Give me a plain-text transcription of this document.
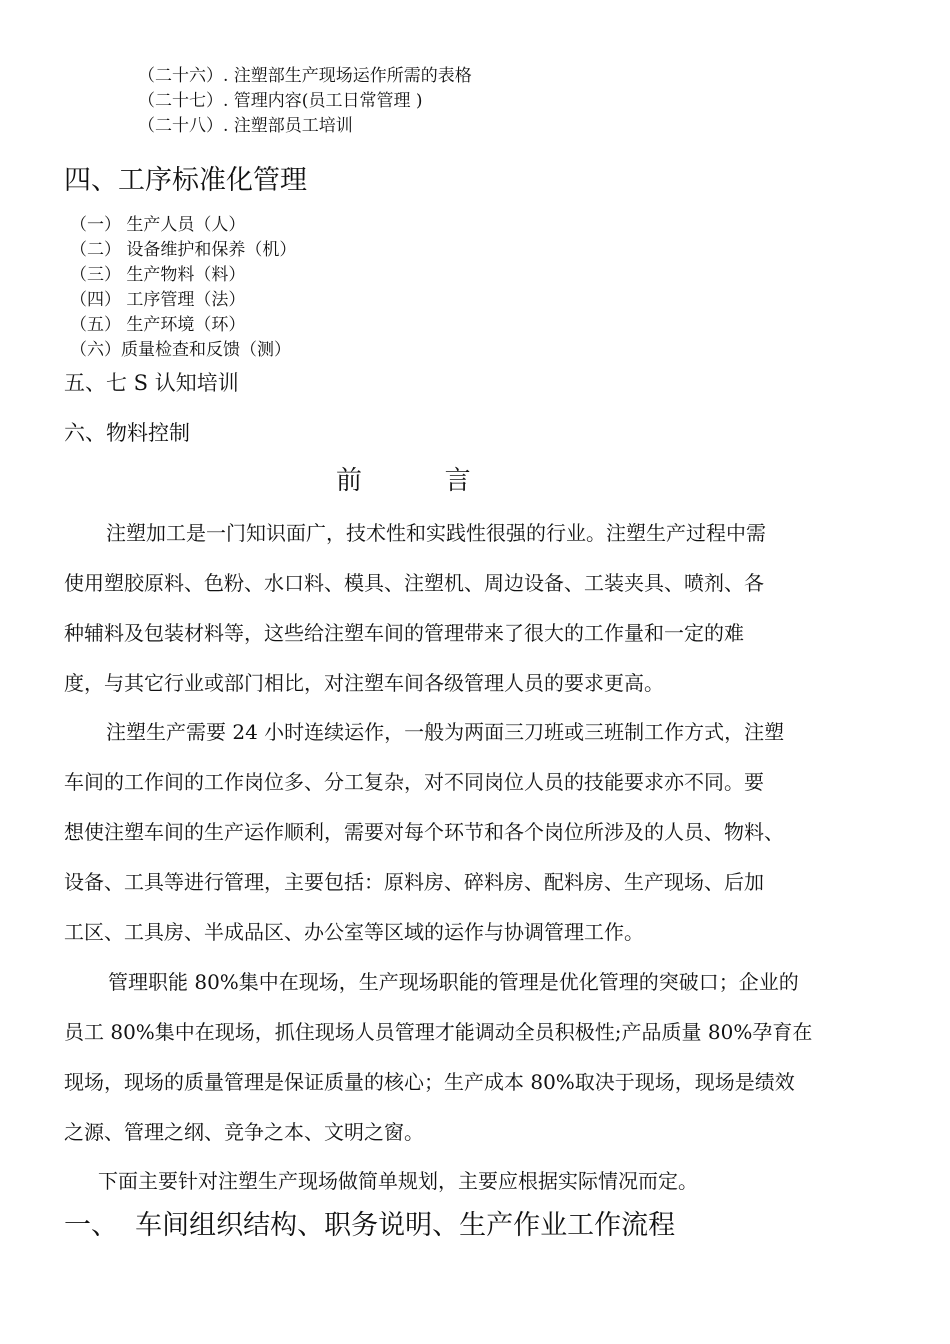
（二十六）. 注塑部生产现场运作所需的表格
（二十七）. 管理内容(员工日常管理 )
（二十八）. 注塑部员工培训
四、工序标准化管理
（一） 生产人员（人）
（二） 设备维护和保养（机）
（三） 生产物料（料）
（四） 工序管理（法）
（五） 生产环境（环）
（六）质量检查和反馈（测）
五、七 S 认知培训
六、物料控制
前          言
注塑加工是一门知识面广，技术性和实践性很强的行业。注塑生产过程中需
使用塑胶原料、色粉、水口料、模具、注塑机、周边设备、工装夹具、喷剂、各
种辅料及包装材料等，这些给注塑车间的管理带来了很大的工作量和一定的难
度，与其它行业或部门相比，对注塑车间各级管理人员的要求更高。
注塑生产需要 24 小时连续运作，一般为两面三刀班或三班制工作方式，注塑
车间的工作间的工作岗位多、分工复杂，对不同岗位人员的技能要求亦不同。要
想使注塑车间的生产运作顺利，需要对每个环节和各个岗位所涉及的人员、物料、
设备、工具等进行管理，主要包括：原料房、碎料房、配料房、生产现场、后加
工区、工具房、半成品区、办公室等区域的运作与协调管理工作。
管理职能 80%集中在现场，生产现场职能的管理是优化管理的突破口；企业的
员工 80%集中在现场，抓住现场人员管理才能调动全员积极性;产品质量 80%孕育在
现场，现场的质量管理是保证质量的核心；生产成本 80%取决于现场，现场是绩效
之源、管理之纲、竞争之本、文明之窗。
下面主要针对注塑生产现场做简单规划，主要应根据实际情况而定。
一、  车间组织结构、职务说明、生产作业工作流程
